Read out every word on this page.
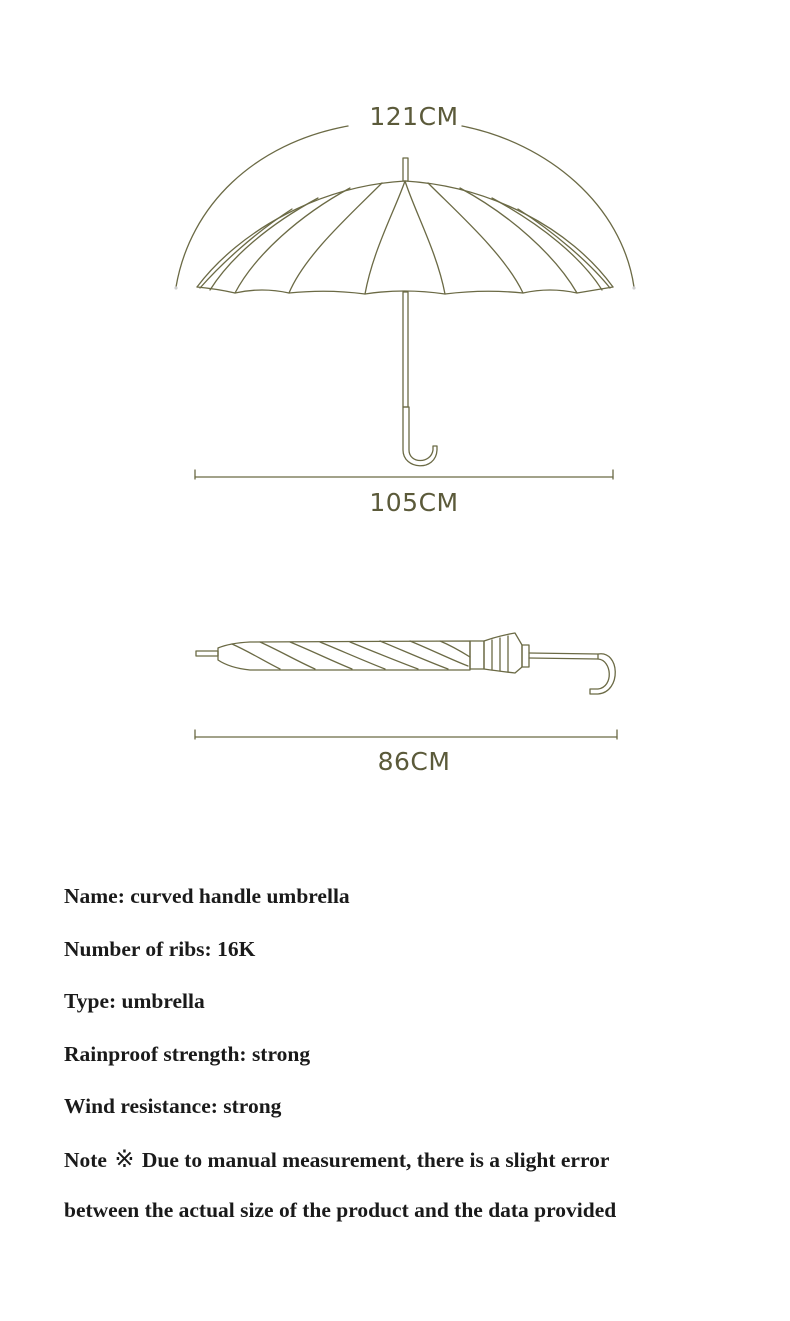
121CM
105CM
86CM
Name: curved handle umbrella
Number of ribs: 16K
Type: umbrella
Rainproof strength: strong
Wind resistance: strong
Note ※ Due to manual measurement, there is a slight error
between the actual size of the product and the data provided
